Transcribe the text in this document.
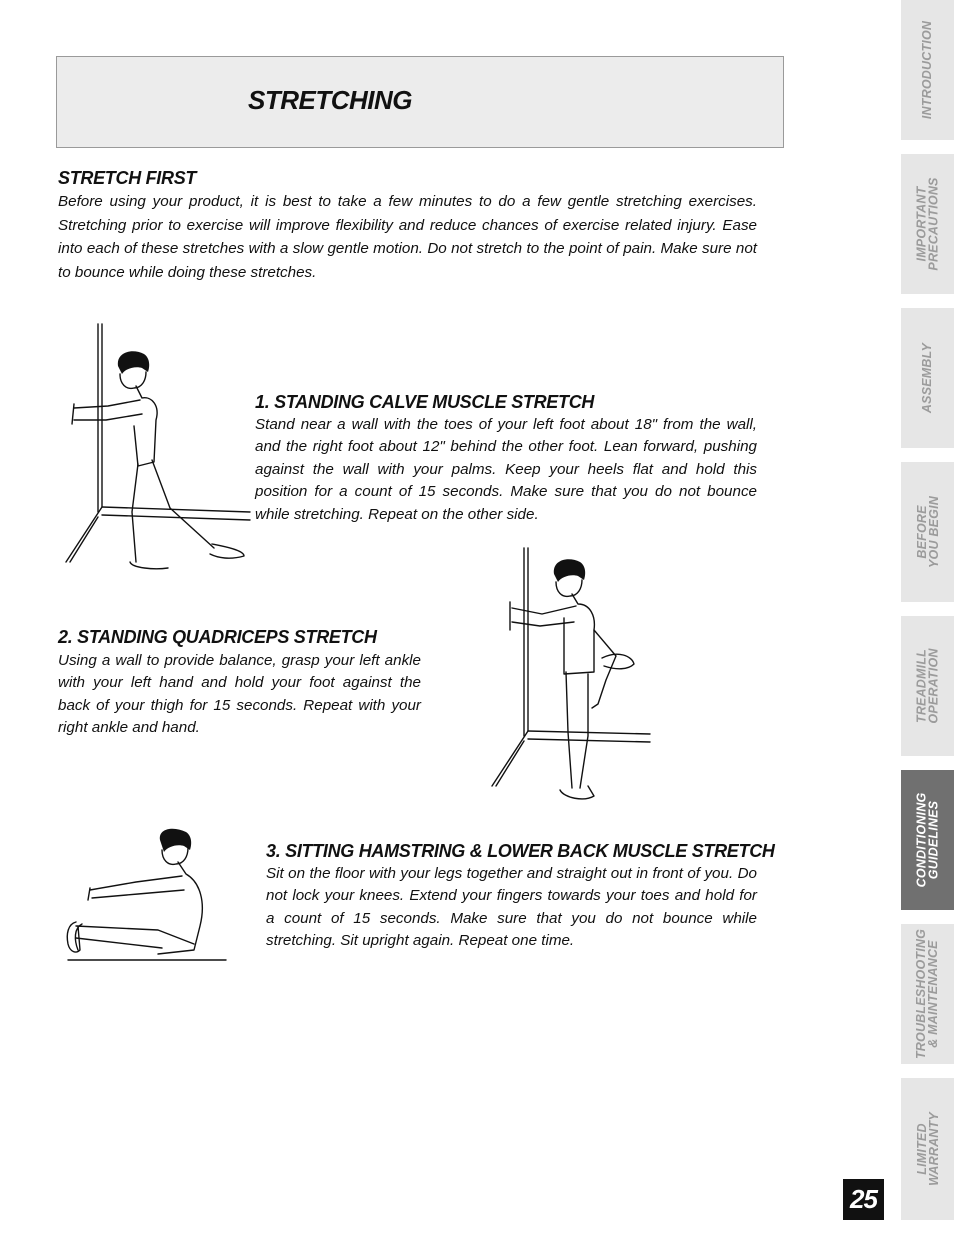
STRETCHING
STRETCH FIRST
Before using your product, it is best to take a few minutes to do a few gentle stretching exercises. Stretching prior to exercise will improve flexibility and reduce chances of exercise related injury. Ease into each of these stretches with a slow gentle motion. Do not stretch to the point of pain. Make sure not to bounce while doing these stretches.
1. STANDING CALVE MUSCLE STRETCH
Stand near a wall with the toes of your left foot about 18" from the wall, and the right foot about 12" behind the other foot. Lean forward, pushing against the wall with your palms. Keep your heels flat and hold this position for a count of 15 seconds. Make sure that you do not bounce while stretching. Repeat on the other side.
2. STANDING QUADRICEPS STRETCH
Using a wall to provide balance, grasp your left ankle with your left hand and hold your foot against the back of your thigh for 15 seconds. Repeat with your right ankle and hand.
3. SITTING HAMSTRING & LOWER BACK MUSCLE STRETCH
Sit on the floor with your legs together and straight out in front of you. Do not lock your knees. Extend your fingers towards your toes and hold for a count of 15 seconds. Make sure that you do not bounce while stretching. Sit upright again. Repeat one time.
INTRODUCTION
IMPORTANT
PRECAUTIONS
ASSEMBLY
BEFORE
YOU BEGIN
TREADMILL
OPERATION
CONDITIONING
GUIDELINES
TROUBLESHOOTING
& MAINTENANCE
LIMITED
WARRANTY
25
